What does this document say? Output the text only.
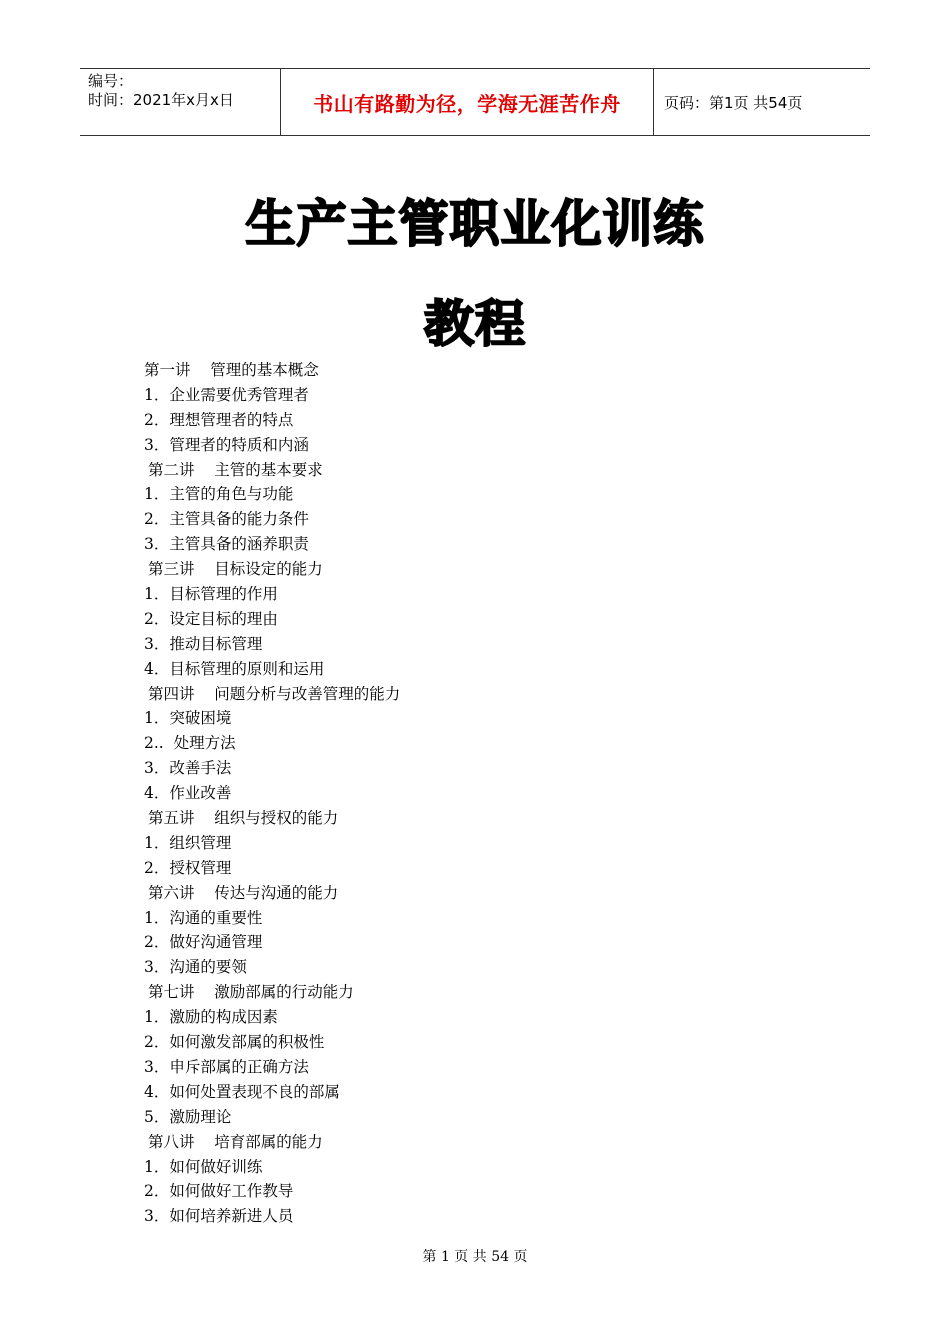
编号：
时间：2021年x月x日	书山有路勤为径，学海无涯苦作舟	页码：第1页 共54页
生产主管职业化训练
教程
第一讲    管理的基本概念
1．企业需要优秀管理者
2．理想管理者的特点
3．管理者的特质和内涵
第二讲    主管的基本要求
1．主管的角色与功能
2．主管具备的能力条件
3．主管具备的涵养职责
第三讲    目标设定的能力
1．目标管理的作用
2．设定目标的理由
3．推动目标管理
4．目标管理的原则和运用
第四讲    问题分析与改善管理的能力
1．突破困境
2..  处理方法
3．改善手法
4．作业改善
第五讲    组织与授权的能力
1．组织管理
2．授权管理
第六讲    传达与沟通的能力
1．沟通的重要性
2．做好沟通管理
3．沟通的要领
第七讲    激励部属的行动能力
1．激励的构成因素
2．如何激发部属的积极性
3．申斥部属的正确方法
4．如何处置表现不良的部属
5．激励理论
第八讲    培育部属的能力
1．如何做好训练
2．如何做好工作教导
3．如何培养新进人员
第 1 页 共 54 页
